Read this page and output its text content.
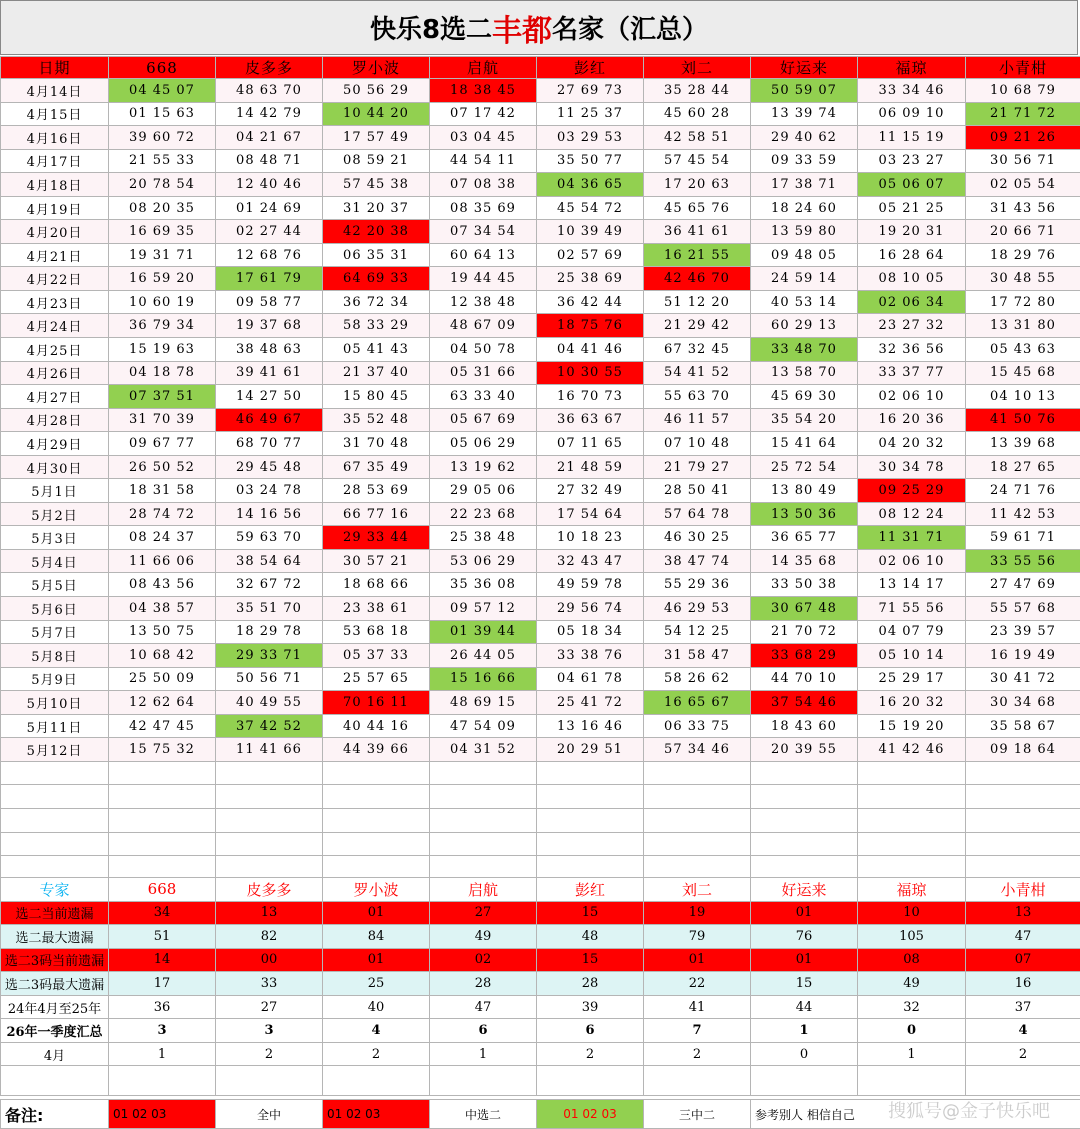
快乐8选二 丰都 名家（汇总）
日期	668	皮多多	罗小波	启航	彭红	刘二	好运来	福琼	小青柑
4月14日	04 45 07	48 63 70	50 56 29	18 38 45	27 69 73	35 28 44	50 59 07	33 34 46	10 68 79
4月15日	01 15 63	14 42 79	10 44 20	07 17 42	11 25 37	45 60 28	13 39 74	06 09 10	21 71 72
4月16日	39 60 72	04 21 67	17 57 49	03 04 45	03 29 53	42 58 51	29 40 62	11 15 19	09 21 26
4月17日	21 55 33	08 48 71	08 59 21	44 54 11	35 50 77	57 45 54	09 33 59	03 23 27	30 56 71
4月18日	20 78 54	12 40 46	57 45 38	07 08 38	04 36 65	17 20 63	17 38 71	05 06 07	02 05 54
4月19日	08 20 35	01 24 69	31 20 37	08 35 69	45 54 72	45 65 76	18 24 60	05 21 25	31 43 56
4月20日	16 69 35	02 27 44	42 20 38	07 34 54	10 39 49	36 41 61	13 59 80	19 20 31	20 66 71
4月21日	19 31 71	12 68 76	06 35 31	60 64 13	02 57 69	16 21 55	09 48 05	16 28 64	18 29 76
4月22日	16 59 20	17 61 79	64 69 33	19 44 45	25 38 69	42 46 70	24 59 14	08 10 05	30 48 55
4月23日	10 60 19	09 58 77	36 72 34	12 38 48	36 42 44	51 12 20	40 53 14	02 06 34	17 72 80
4月24日	36 79 34	19 37 68	58 33 29	48 67 09	18 75 76	21 29 42	60 29 13	23 27 32	13 31 80
4月25日	15 19 63	38 48 63	05 41 43	04 50 78	04 41 46	67 32 45	33 48 70	32 36 56	05 43 63
4月26日	04 18 78	39 41 61	21 37 40	05 31 66	10 30 55	54 41 52	13 58 70	33 37 77	15 45 68
4月27日	07 37 51	14 27 50	15 80 45	63 33 40	16 70 73	55 63 70	45 69 30	02 06 10	04 10 13
4月28日	31 70 39	46 49 67	35 52 48	05 67 69	36 63 67	46 11 57	35 54 20	16 20 36	41 50 76
4月29日	09 67 77	68 70 77	31 70 48	05 06 29	07 11 65	07 10 48	15 41 64	04 20 32	13 39 68
4月30日	26 50 52	29 45 48	67 35 49	13 19 62	21 48 59	21 79 27	25 72 54	30 34 78	18 27 65
5月1日	18 31 58	03 24 78	28 53 69	29 05 06	27 32 49	28 50 41	13 80 49	09 25 29	24 71 76
5月2日	28 74 72	14 16 56	66 77 16	22 23 68	17 54 64	57 64 78	13 50 36	08 12 24	11 42 53
5月3日	08 24 37	59 63 70	29 33 44	25 38 48	10 18 23	46 30 25	36 65 77	11 31 71	59 61 71
5月4日	11 66 06	38 54 64	30 57 21	53 06 29	32 43 47	38 47 74	14 35 68	02 06 10	33 55 56
5月5日	08 43 56	32 67 72	18 68 66	35 36 08	49 59 78	55 29 36	33 50 38	13 14 17	27 47 69
5月6日	04 38 57	35 51 70	23 38 61	09 57 12	29 56 74	46 29 53	30 67 48	71 55 56	55 57 68
5月7日	13 50 75	18 29 78	53 68 18	01 39 44	05 18 34	54 12 25	21 70 72	04 07 79	23 39 57
5月8日	10 68 42	29 33 71	05 37 33	26 44 05	33 38 76	31 58 47	33 68 29	05 10 14	16 19 49
5月9日	25 50 09	50 56 71	25 57 65	15 16 66	04 61 78	58 26 62	44 70 10	25 29 17	30 41 72
5月10日	12 62 64	40 49 55	70 16 11	48 69 15	25 41 72	16 65 67	37 54 46	16 20 32	30 34 68
5月11日	42 47 45	37 42 52	40 44 16	47 54 09	13 16 46	06 33 75	18 43 60	15 19 20	35 58 67
5月12日	15 75 32	11 41 66	44 39 66	04 31 52	20 29 51	57 34 46	20 39 55	41 42 46	09 18 64

专家	668	皮多多	罗小波	启航	彭红	刘二	好运来	福琼	小青柑
选二当前遗漏	34	13	01	27	15	19	01	10	13
选二最大遗漏	51	82	84	49	48	79	76	105	47
选二3码当前遗漏	14	00	01	02	15	01	01	08	07
选二3码最大遗漏	17	33	25	28	28	22	15	49	16
24年4月至25年	36	27	40	47	39	41	44	32	37
26年一季度汇总	3	3	4	6	6	7	1	0	4
4月	1	2	2	1	2	2	0	1	2

备注:	01 02 03	全中	01 02 03	中选二	01 02 03	三中二	参考别人 相信自己 搜狐号@金子快乐吧
